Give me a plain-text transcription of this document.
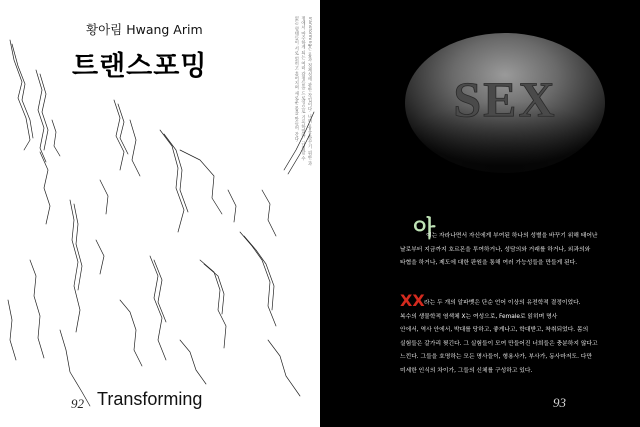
황아림 Hwang Arim
트랜스포밍	Transforming은 몸과 정체성에 관한 작업이다. 나의 몸을 바꾸기 위한 과정에서 마주하게 되는 여러 감정들을 드로잉으로 기록하였다. 규정할 수 없는 형태들이 서로 얽히고 흩어지며 새로운 몸을 만들어 간다.
92 Transforming
SEX
아
이는 자라나면서 자신에게 부여된 하나의 성별을 바꾸기 위해 태어난
날로부터 지금까지 호르몬을 투여하거나, 성담의와 거래를 하거나, 외과의와
타협을 하거나, 제도에 대한 판원을 통해 여러 가능성들을 만들게 된다.
XX 라는 두 개의 알파벳은 단순 언어 이상의 유전학적 결정이었다.
복수의 생물학적 염색체 X는 여성으로, Female로 읽히며 명사
안에서, 역사 안에서, 박대를 당하고, 좋게나고, 학대받고, 착취되었다. 몸의
실험들은 갈가리 찢긴다. 그 실험들이 모여 만들어진 너희들은 충분하지 않다고
느낀다. 그들을 호명하는 모든 명사들이, 형용사가, 부사가, 동사마저도. 다만
미세한 인식의 차이가, 그들의 신체를 구성하고 있다.
93
